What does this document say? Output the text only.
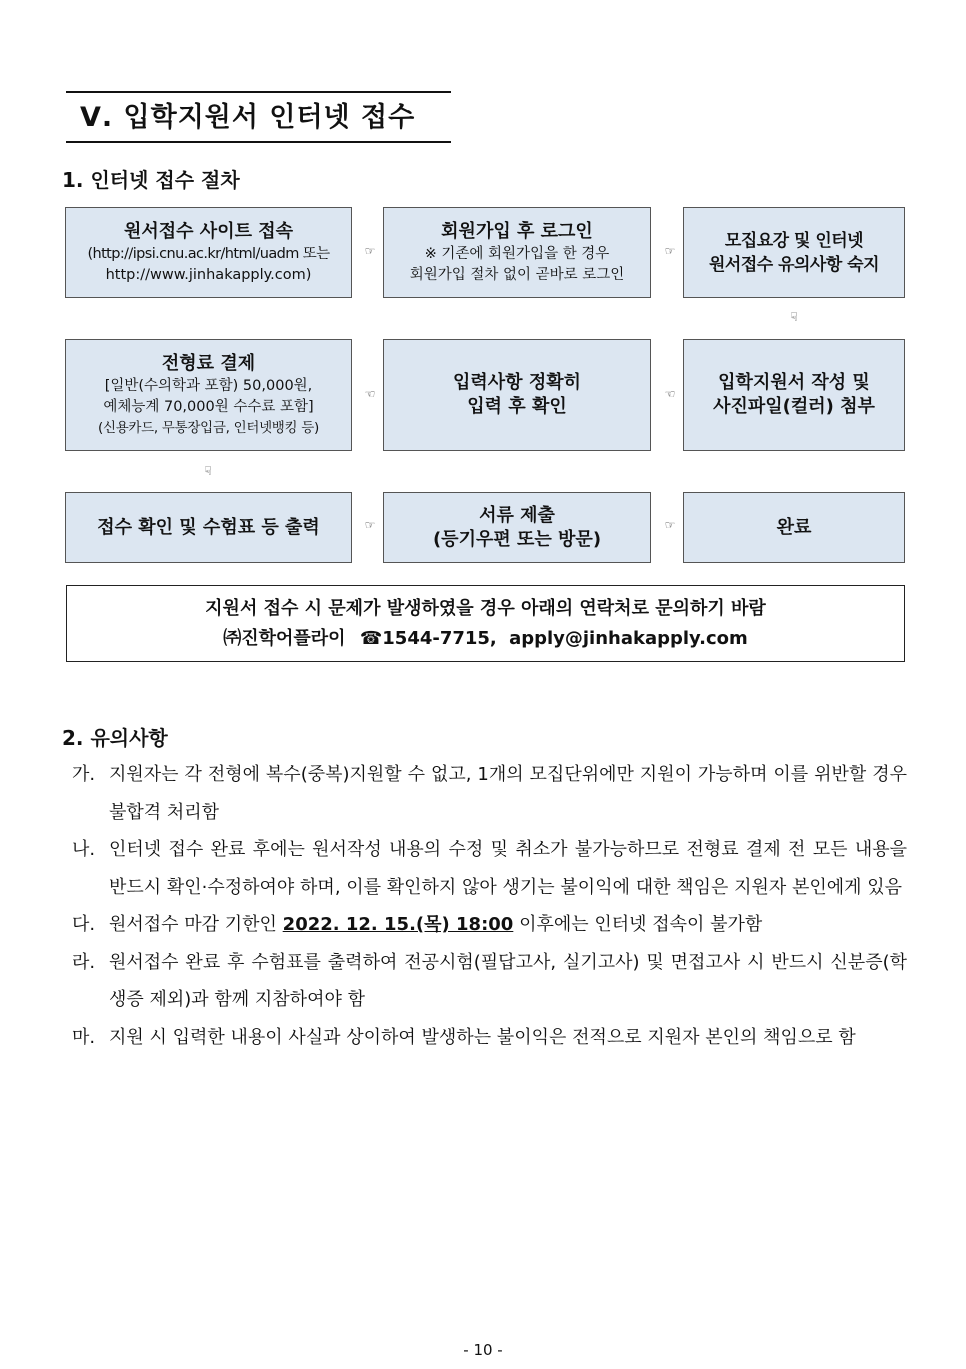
Ⅴ. 입학지원서 인터넷 접수
1. 인터넷 접수 절차
원서접수 사이트 접속
(http://ipsi.cnu.ac.kr/html/uadm 또는
http://www.jinhakapply.com)
☞
회원가입 후 로그인
※ 기존에 회원가입을 한 경우
회원가입 절차 없이 곧바로 로그인
☞
모집요강 및 인터넷
원서접수 유의사항 숙지
☟
전형료 결제
[일반(수의학과 포함) 50,000원,
예체능계 70,000원 수수료 포함]
(신용카드, 무통장입금, 인터넷뱅킹 등)
☜
입력사항 정확히
입력 후 확인
☜
입학지원서 작성 및
사진파일(컬러) 첨부
☟
접수 확인 및 수험표 등 출력	☞	서류 제출
(등기우편 또는 방문)
☞	완료
지원서 접수 시 문제가 발생하였을 경우 아래의 연락처로 문의하기 바람
㈜진학어플라이 ☎1544-7715, apply@jinhakapply.com
2. 유의사항
가. 지원자는 각 전형에 복수(중복)지원할 수 없고, 1개의 모집단위에만 지원이 가능하며 이를 위반할 경우 불합격 처리함
나. 인터넷 접수 완료 후에는 원서작성 내용의 수정 및 취소가 불가능하므로 전형료 결제 전 모든 내용을 반드시 확인·수정하여야 하며, 이를 확인하지 않아 생기는 불이익에 대한 책임은 지원자 본인에게 있음
다. 원서접수 마감 기한인 2022. 12. 15.(목) 18:00 이후에는 인터넷 접속이 불가함
라. 원서접수 완료 후 수험표를 출력하여 전공시험(필답고사, 실기고사) 및 면접고사 시 반드시 신분증(학생증 제외)과 함께 지참하여야 함
마. 지원 시 입력한 내용이 사실과 상이하여 발생하는 불이익은 전적으로 지원자 본인의 책임으로 함
- 10 -
